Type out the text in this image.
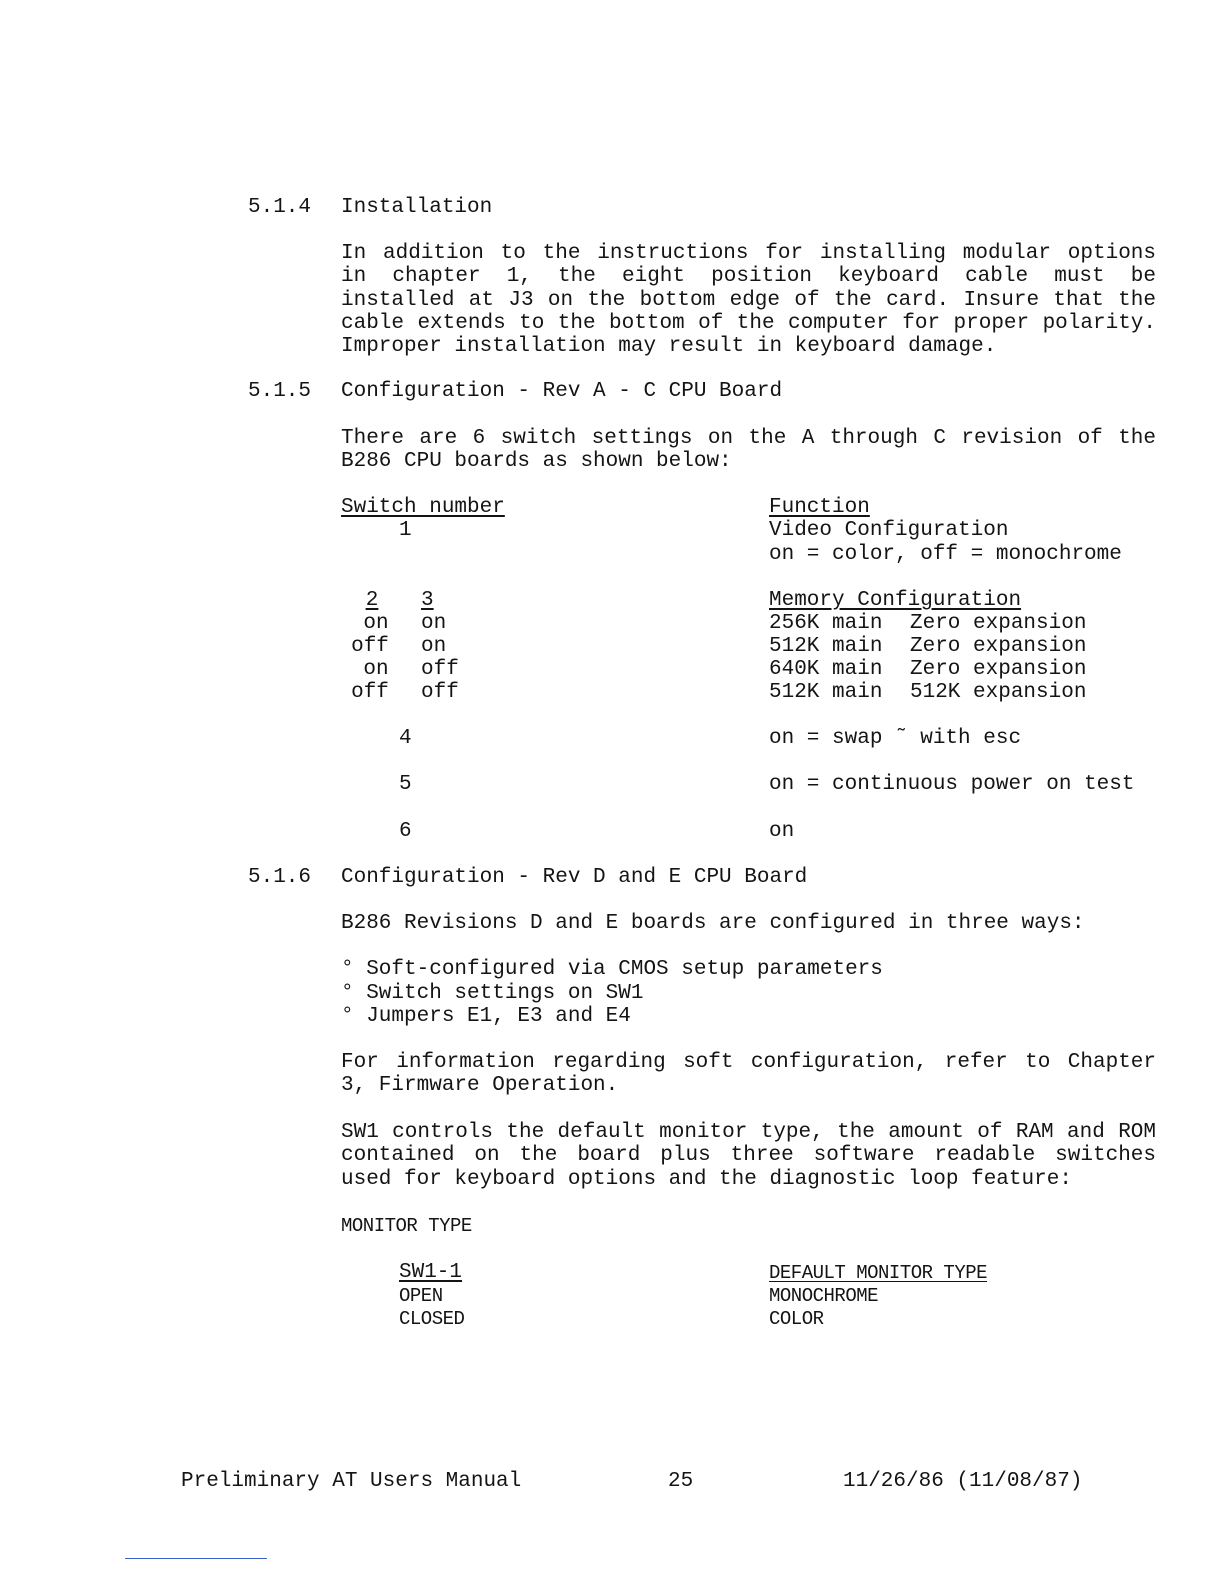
5.1.4 Installation
In addition to the instructions for installing modular options in chapter 1, the eight position keyboard cable must be installed at J3 on the bottom edge of the card. Insure that the cable extends to the bottom of the computer for proper polarity. Improper installation may result in keyboard damage.
5.1.5 Configuration - Rev A - C CPU Board
There are 6 switch settings on the A through C revision of the B286 CPU boards as shown below:
Switch number	Function
1	Video Configuration
on = color, off = monochrome
2	3	Memory Configuration
on	on	256K main Zero expansion
off on	512K main Zero expansion
on	off	640K main Zero expansion
off off	512K main 512K expansion
4	on = swap ˜ with esc
5	on = continuous power on test
6	on
5.1.6 Configuration - Rev D and E CPU Board
B286 Revisions D and E boards are configured in three ways:
° Soft-configured via CMOS setup parameters
° Switch settings on SW1
° Jumpers E1, E3 and E4
For information regarding soft configuration, refer to Chapter 3, Firmware Operation.
SW1 controls the default monitor type, the amount of RAM and ROM contained on the board plus three software readable switches used for keyboard options and the diagnostic loop feature:
MONITOR TYPE
SW1-1	DEFAULT MONITOR TYPE
OPEN	MONOCHROME
CLOSED	COLOR
Preliminary AT Users Manual	25	11/26/86 (11/08/87)
